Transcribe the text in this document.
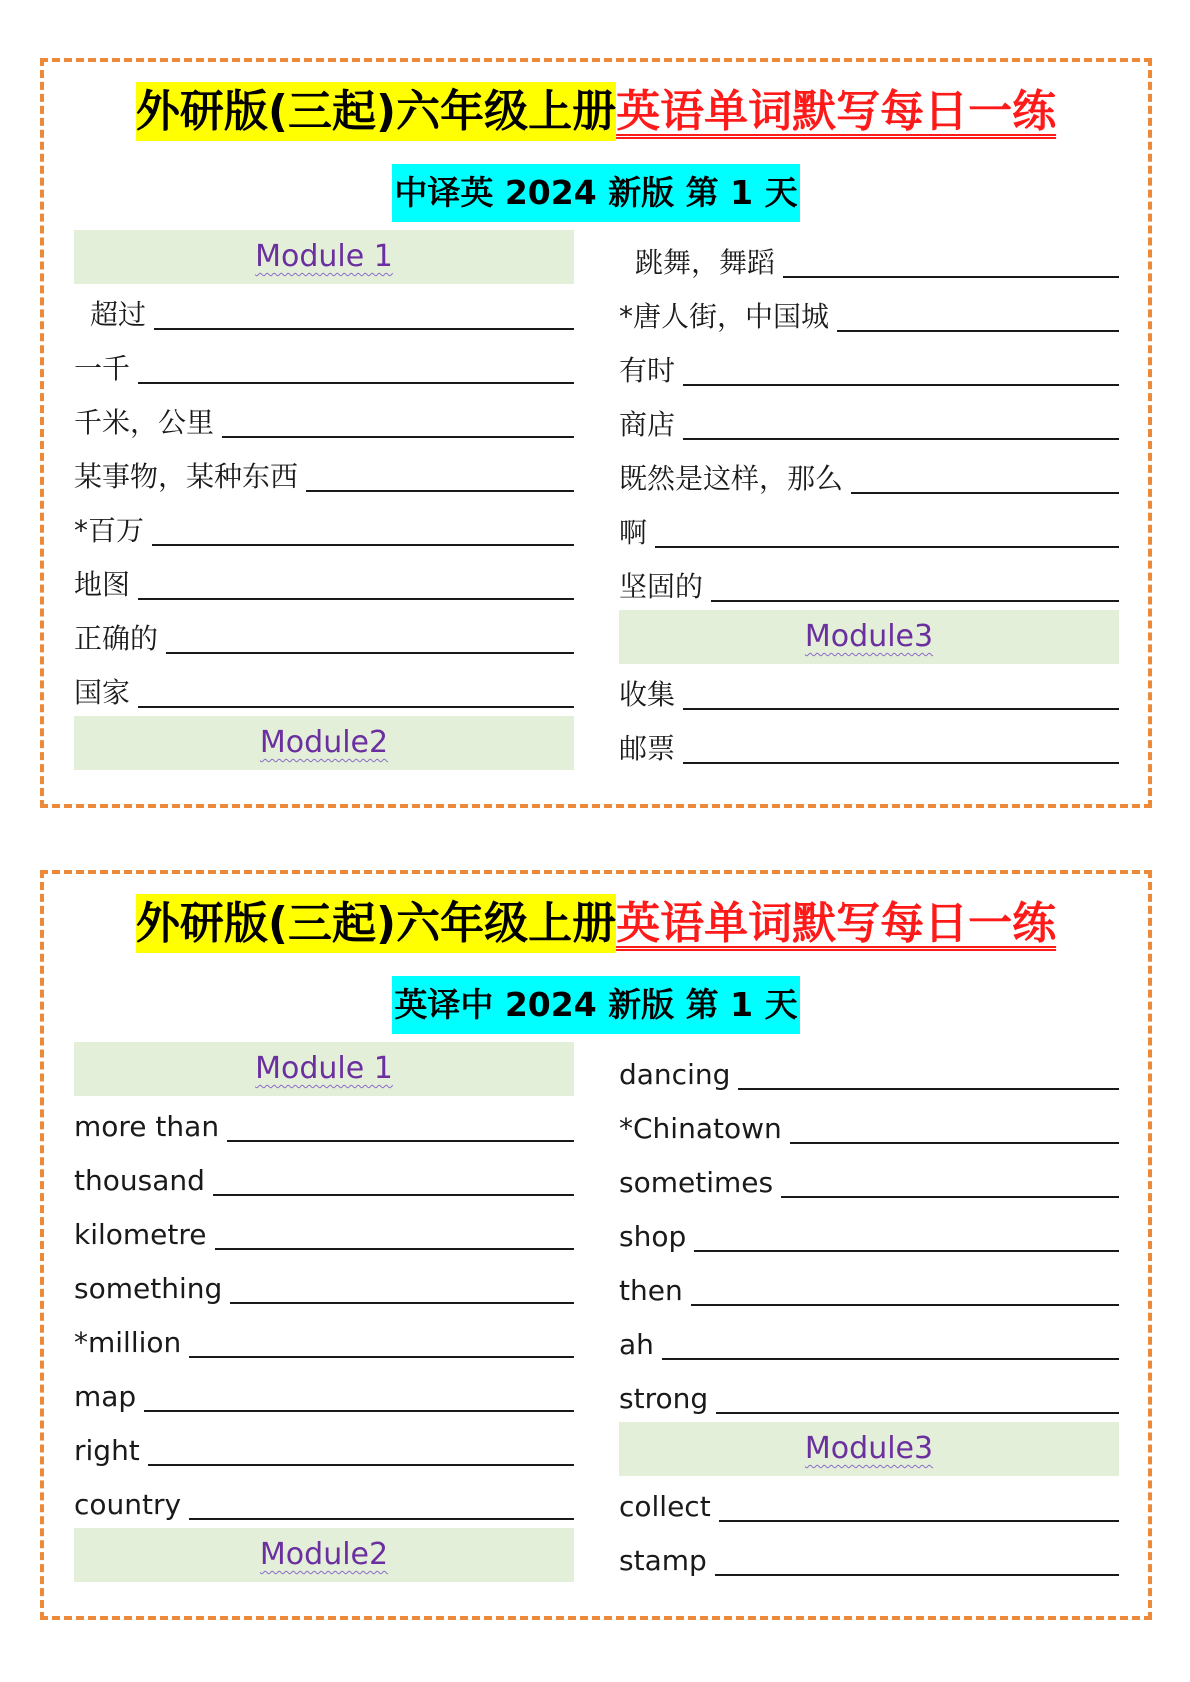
外研版(三起)六年级上册英语单词默写每日一练
中译英 2024 新版 第 1 天
Module 1
超过
一千
千米，公里
某事物，某种东西
*百万
地图
正确的
国家
Module2
跳舞，舞蹈
*唐人街，中国城
有时
商店
既然是这样，那么
啊
坚固的
Module3
收集
邮票
外研版(三起)六年级上册英语单词默写每日一练
英译中 2024 新版 第 1 天
Module 1
more than
thousand
kilometre
something
*million
map
right
country
Module2
dancing
*Chinatown
sometimes
shop
then
ah
strong
Module3
collect
stamp
